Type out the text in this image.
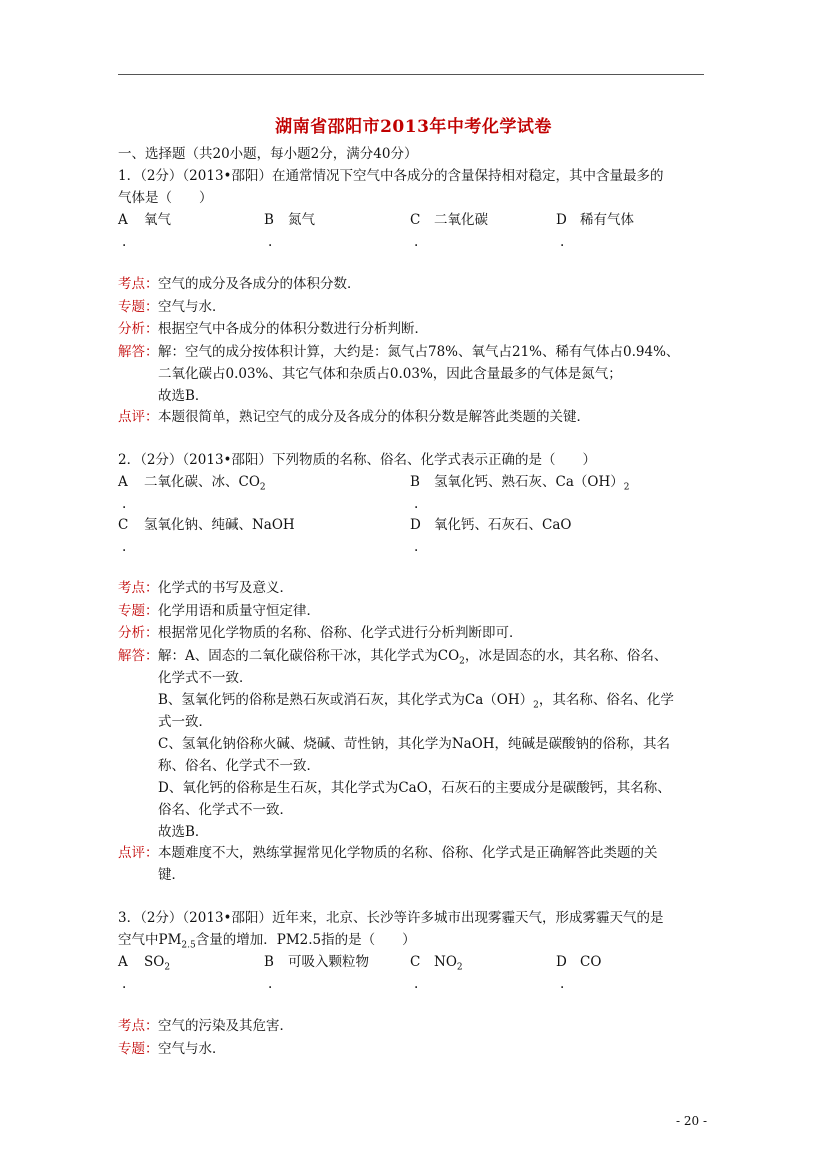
湖南省邵阳市2013年中考化学试卷
一、选择题（共20小题，每小题2分，满分40分）
1．（2分）（2013•邵阳）在通常情况下空气中各成分的含量保持相对稳定，其中含量最多的
气体是（　　）
A 氧气
.
B 氮气
.
C 二氧化碳
.
D 稀有气体
.
考点： 空气的成分及各成分的体积分数．
专题： 空气与水．
分析： 根据空气中各成分的体积分数进行分析判断．
解答： 解：空气的成分按体积计算，大约是：氮气占78%、氧气占21%、稀有气体占0.94%、
二氧化碳占0.03%、其它气体和杂质占0.03%，因此含量最多的气体是氮气；
故选B．
点评： 本题很简单，熟记空气的成分及各成分的体积分数是解答此类题的关键．
2．（2分）（2013•邵阳）下列物质的名称、俗名、化学式表示正确的是（　　）
A 二氧化碳、冰、$CO_2$
.
B 氢氧化钙、熟石灰、$Ca(OH)_2$
.
C 氢氧化钠、纯碱、NaOH
.
D 氧化钙、石灰石、CaO
.
考点： 化学式的书写及意义．
专题： 化学用语和质量守恒定律．
分析： 根据常见化学物质的名称、俗称、化学式进行分析判断即可．
解答： 解：A、固态的二氧化碳俗称干冰，其化学式为$CO_2$，冰是固态的水，其名称、俗名、
化学式不一致．
B、氢氧化钙的俗称是熟石灰或消石灰，其化学式为$Ca(OH)_2$，其名称、俗名、化学
式一致．
C、氢氧化钠俗称火碱、烧碱、苛性钠，其化学为NaOH，纯碱是碳酸钠的俗称，其名
称、俗名、化学式不一致．
D、氧化钙的俗称是生石灰，其化学式为CaO，石灰石的主要成分是碳酸钙，其名称、
俗名、化学式不一致．
故选B．
点评： 本题难度不大，熟练掌握常见化学物质的名称、俗称、化学式是正确解答此类题的关
键．
3．（2分）（2013•邵阳）近年来，北京、长沙等许多城市出现雾霾天气，形成雾霾天气的是
空气中$PM_{2.5}$含量的增加．PM2.5指的是（　　）
A $SO_2$
.
B 可吸入颗粒物
.
C $NO_2$
.
D CO
.
考点： 空气的污染及其危害．
专题： 空气与水．
- 20 -
